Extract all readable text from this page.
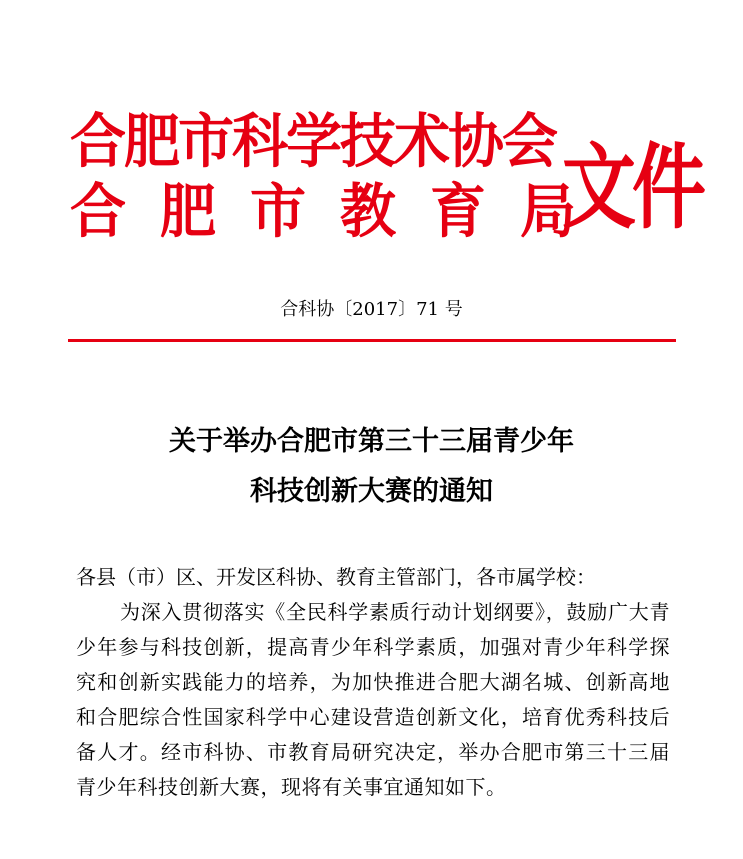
合肥市科学技术协会
合肥市教育局
文件
合科协〔2017〕71 号
关于举办合肥市第三十三届青少年
科技创新大赛的通知

各县（市）区、开发区科协、教育主管部门，各市属学校：

为深入贯彻落实《全民科学素质行动计划纲要》，鼓励广大青少年参与科技创新，提高青少年科学素质，加强对青少年科学探究和创新实践能力的培养，为加快推进合肥大湖名城、创新高地和合肥综合性国家科学中心建设营造创新文化，培育优秀科技后备人才。经市科协、市教育局研究决定，举办合肥市第三十三届青少年科技创新大赛，现将有关事宜通知如下。
